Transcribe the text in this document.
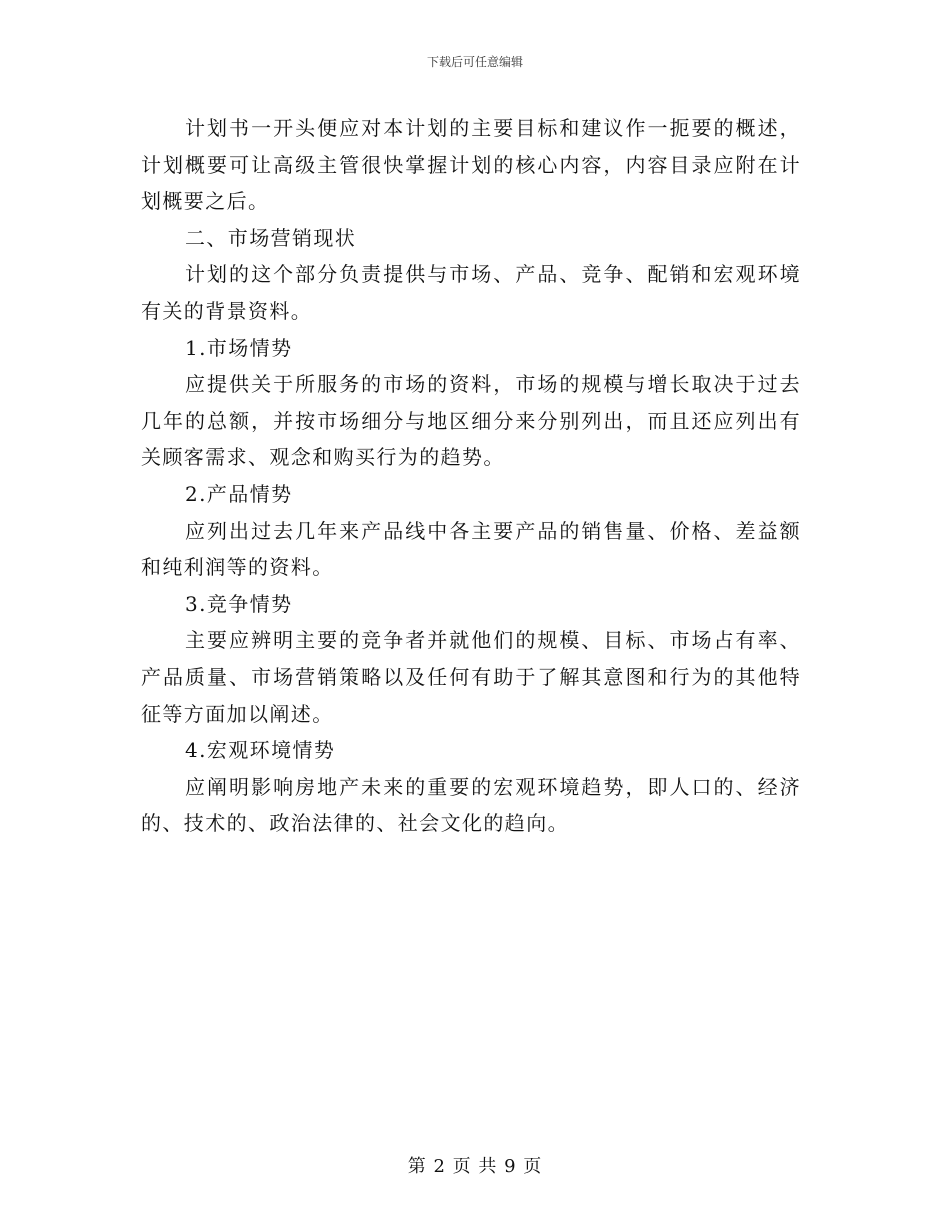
下载后可任意编辑

计划书一开头便应对本计划的主要目标和建议作一扼要的概述，计划概要可让高级主管很快掌握计划的核心内容，内容目录应附在计划概要之后。

二、市场营销现状

计划的这个部分负责提供与市场、产品、竞争、配销和宏观环境有关的背景资料。

1.市场情势

应提供关于所服务的市场的资料，市场的规模与增长取决于过去几年的总额，并按市场细分与地区细分来分别列出，而且还应列出有关顾客需求、观念和购买行为的趋势。

2.产品情势

应列出过去几年来产品线中各主要产品的销售量、价格、差益额和纯利润等的资料。

3.竞争情势

主要应辨明主要的竞争者并就他们的规模、目标、市场占有率、产品质量、市场营销策略以及任何有助于了解其意图和行为的其他特征等方面加以阐述。

4.宏观环境情势

应阐明影响房地产未来的重要的宏观环境趋势，即人口的、经济的、技术的、政治法律的、社会文化的趋向。

第 2 页 共 9 页
